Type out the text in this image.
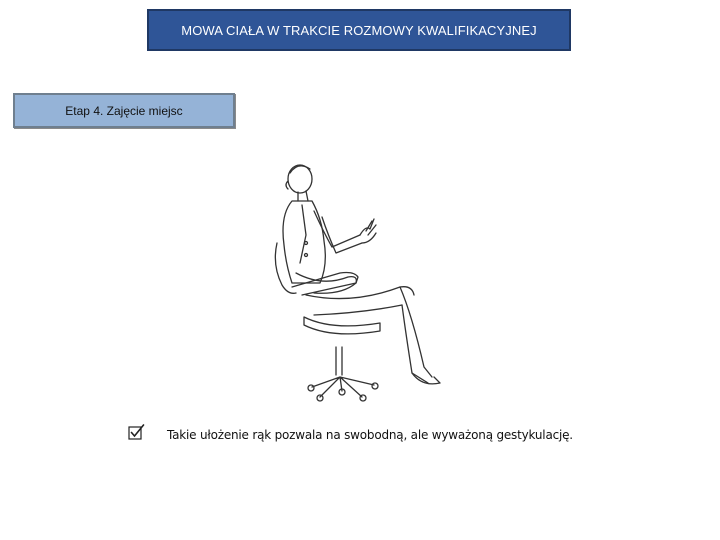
MOWA CIAŁA W TRAKCIE ROZMOWY KWALIFIKACYJNEJ
Etap 4. Zajęcie miejsc
Takie ułożenie rąk pozwala na swobodną, ale wyważoną gestykulację.
